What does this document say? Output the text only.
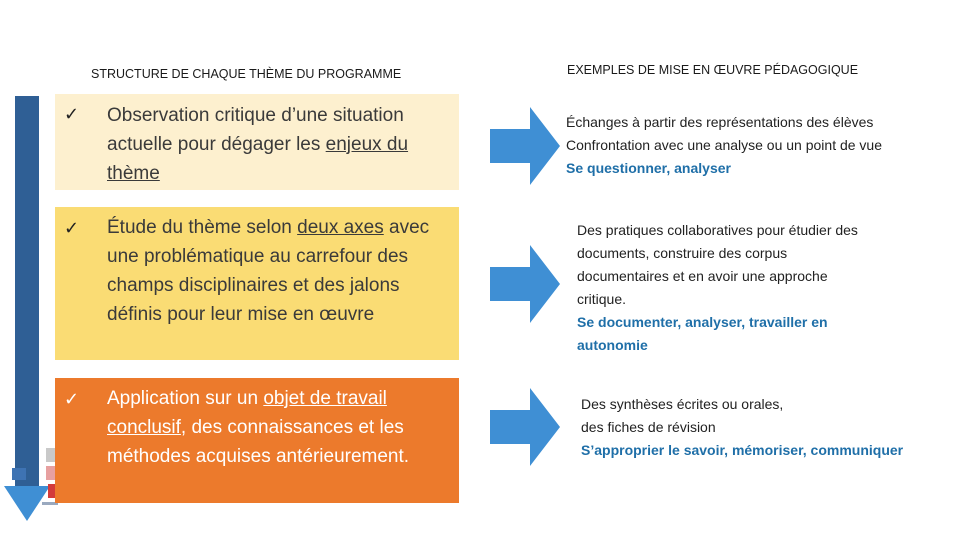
STRUCTURE DE CHAQUE THÈME DU PROGRAMME	EXEMPLES DE MISE EN ŒUVRE PÉDAGOGIQUE
✓ Observation critique d’une situation actuelle pour dégager les enjeux du thème
✓ Étude du thème selon deux axes avec une problématique au carrefour des champs disciplinaires et des jalons définis pour leur mise en œuvre
✓ Application sur un objet de travail conclusif, des connaissances et les méthodes acquises antérieurement.
Échanges à partir des représentations des élèves
Confrontation avec une analyse ou un point de vue
Se questionner, analyser
Des pratiques collaboratives pour étudier des
documents, construire des corpus
documentaires et en avoir une approche
critique.
Se documenter, analyser, travailler en
autonomie
Des synthèses écrites ou orales,
des fiches de révision
S’approprier le savoir, mémoriser, communiquer
